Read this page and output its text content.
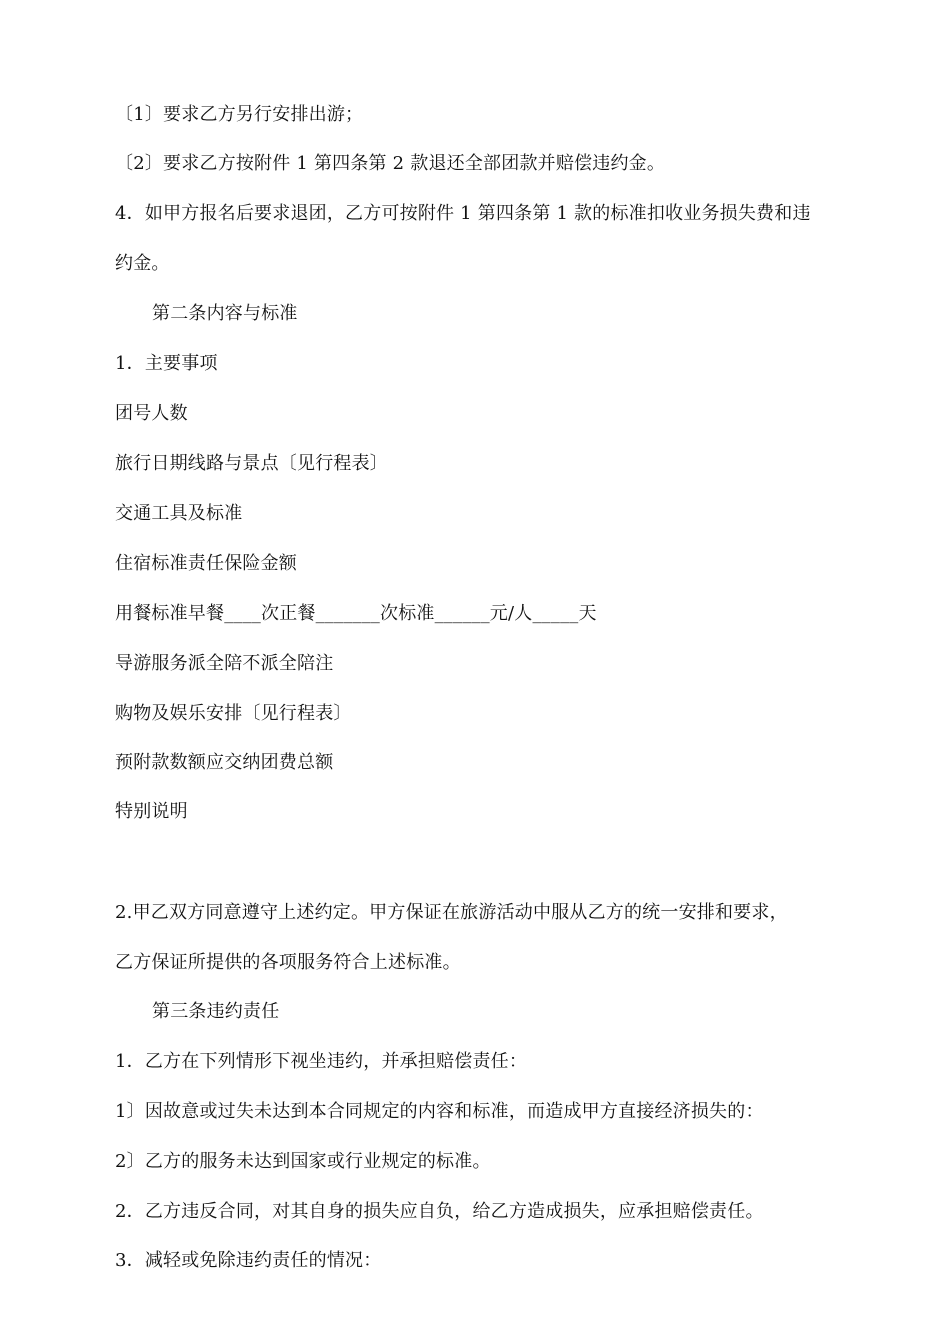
〔1〕要求乙方另行安排出游；
〔2〕要求乙方按附件 1 第四条第 2 款退还全部团款并赔偿违约金。
4．如甲方报名后要求退团，乙方可按附件 1 第四条第 1 款的标准扣收业务损失费和违
约金。
第二条内容与标准
1．主要事项
团号人数
旅行日期线路与景点〔见行程表〕
交通工具及标准
住宿标准责任保险金额
用餐标准早餐____次正餐_______次标准______元/人_____天
导游服务派全陪不派全陪注
购物及娱乐安排〔见行程表〕
预附款数额应交纳团费总额
特别说明
2.甲乙双方同意遵守上述约定。甲方保证在旅游活动中服从乙方的统一安排和要求，
乙方保证所提供的各项服务符合上述标准。
第三条违约责任
1．乙方在下列情形下视坐违约，并承担赔偿责任：
1〕因故意或过失未达到本合同规定的内容和标准，而造成甲方直接经济损失的：
2〕乙方的服务未达到国家或行业规定的标准。
2．乙方违反合同，对其自身的损失应自负，给乙方造成损失，应承担赔偿责任。
3．减轻或免除违约责任的情况：
